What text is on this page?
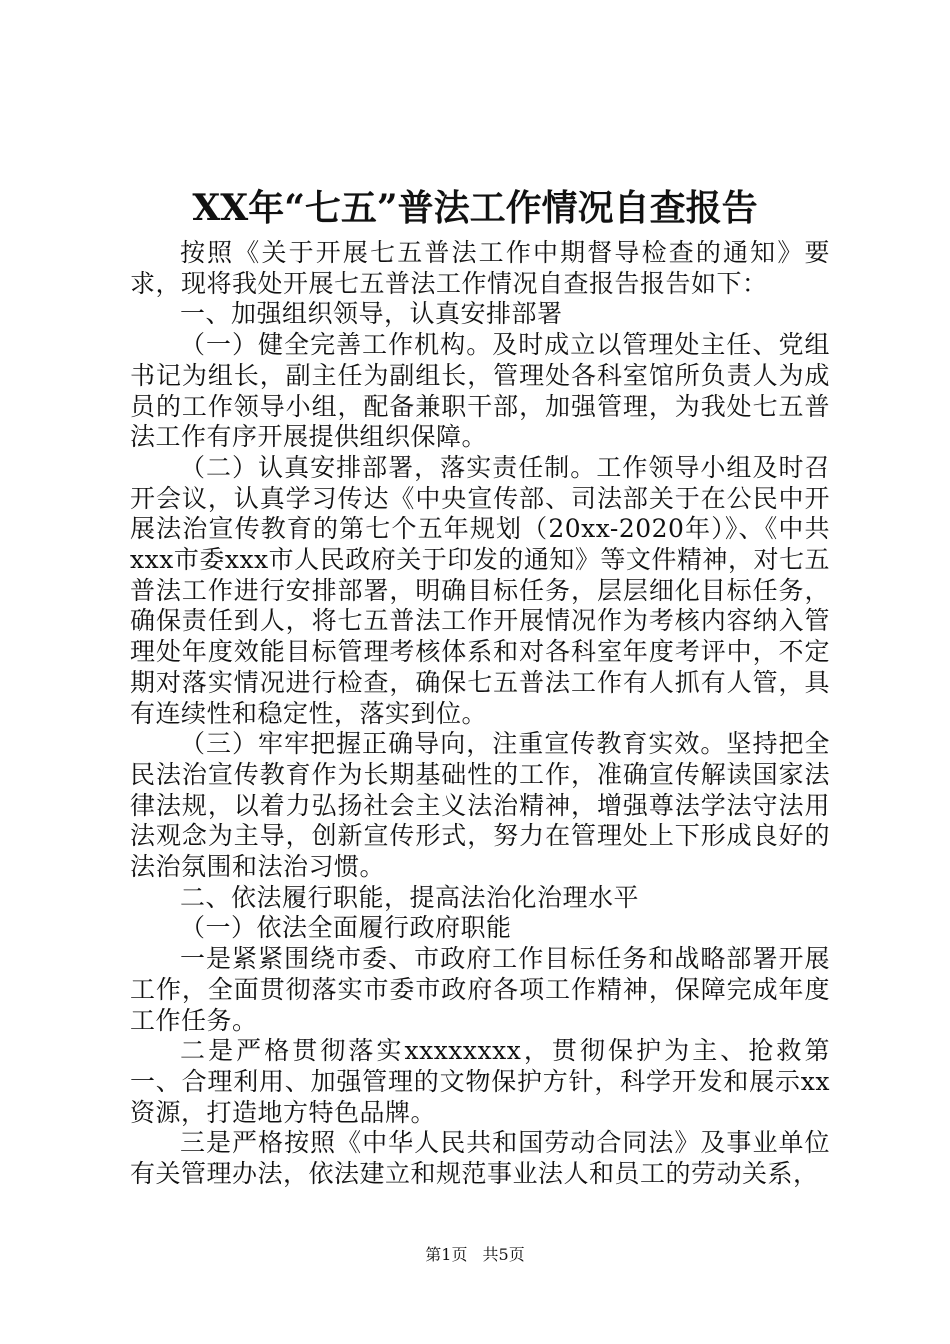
XX年“七五”普法工作情况自查报告

按照《关于开展七五普法工作中期督导检查的通知》要求，现将我处开展七五普法工作情况自查报告报告如下：

一、加强组织领导，认真安排部署

（一）健全完善工作机构。及时成立以管理处主任、党组书记为组长，副主任为副组长，管理处各科室馆所负责人为成员的工作领导小组，配备兼职干部，加强管理，为我处七五普法工作有序开展提供组织保障。

（二）认真安排部署，落实责任制。工作领导小组及时召开会议，认真学习传达《中央宣传部、司法部关于在公民中开展法治宣传教育的第七个五年规划（20xx-2020年）》、《中共xxx市委xxx市人民政府关于印发的通知》等文件精神，对七五普法工作进行安排部署，明确目标任务，层层细化目标任务，确保责任到人，将七五普法工作开展情况作为考核内容纳入管理处年度效能目标管理考核体系和对各科室年度考评中，不定期对落实情况进行检查，确保七五普法工作有人抓有人管，具有连续性和稳定性，落实到位。

（三）牢牢把握正确导向，注重宣传教育实效。坚持把全民法治宣传教育作为长期基础性的工作，准确宣传解读国家法律法规，以着力弘扬社会主义法治精神，增强尊法学法守法用法观念为主导，创新宣传形式，努力在管理处上下形成良好的法治氛围和法治习惯。

二、依法履行职能，提高法治化治理水平

（一）依法全面履行政府职能

一是紧紧围绕市委、市政府工作目标任务和战略部署开展工作，全面贯彻落实市委市政府各项工作精神，保障完成年度工作任务。

二是严格贯彻落实xxxxxxxx，贯彻保护为主、抢救第一、合理利用、加强管理的文物保护方针，科学开发和展示xx资源，打造地方特色品牌。

三是严格按照《中华人民共和国劳动合同法》及事业单位有关管理办法，依法建立和规范事业法人和员工的劳动关系，

第1页 共5页
